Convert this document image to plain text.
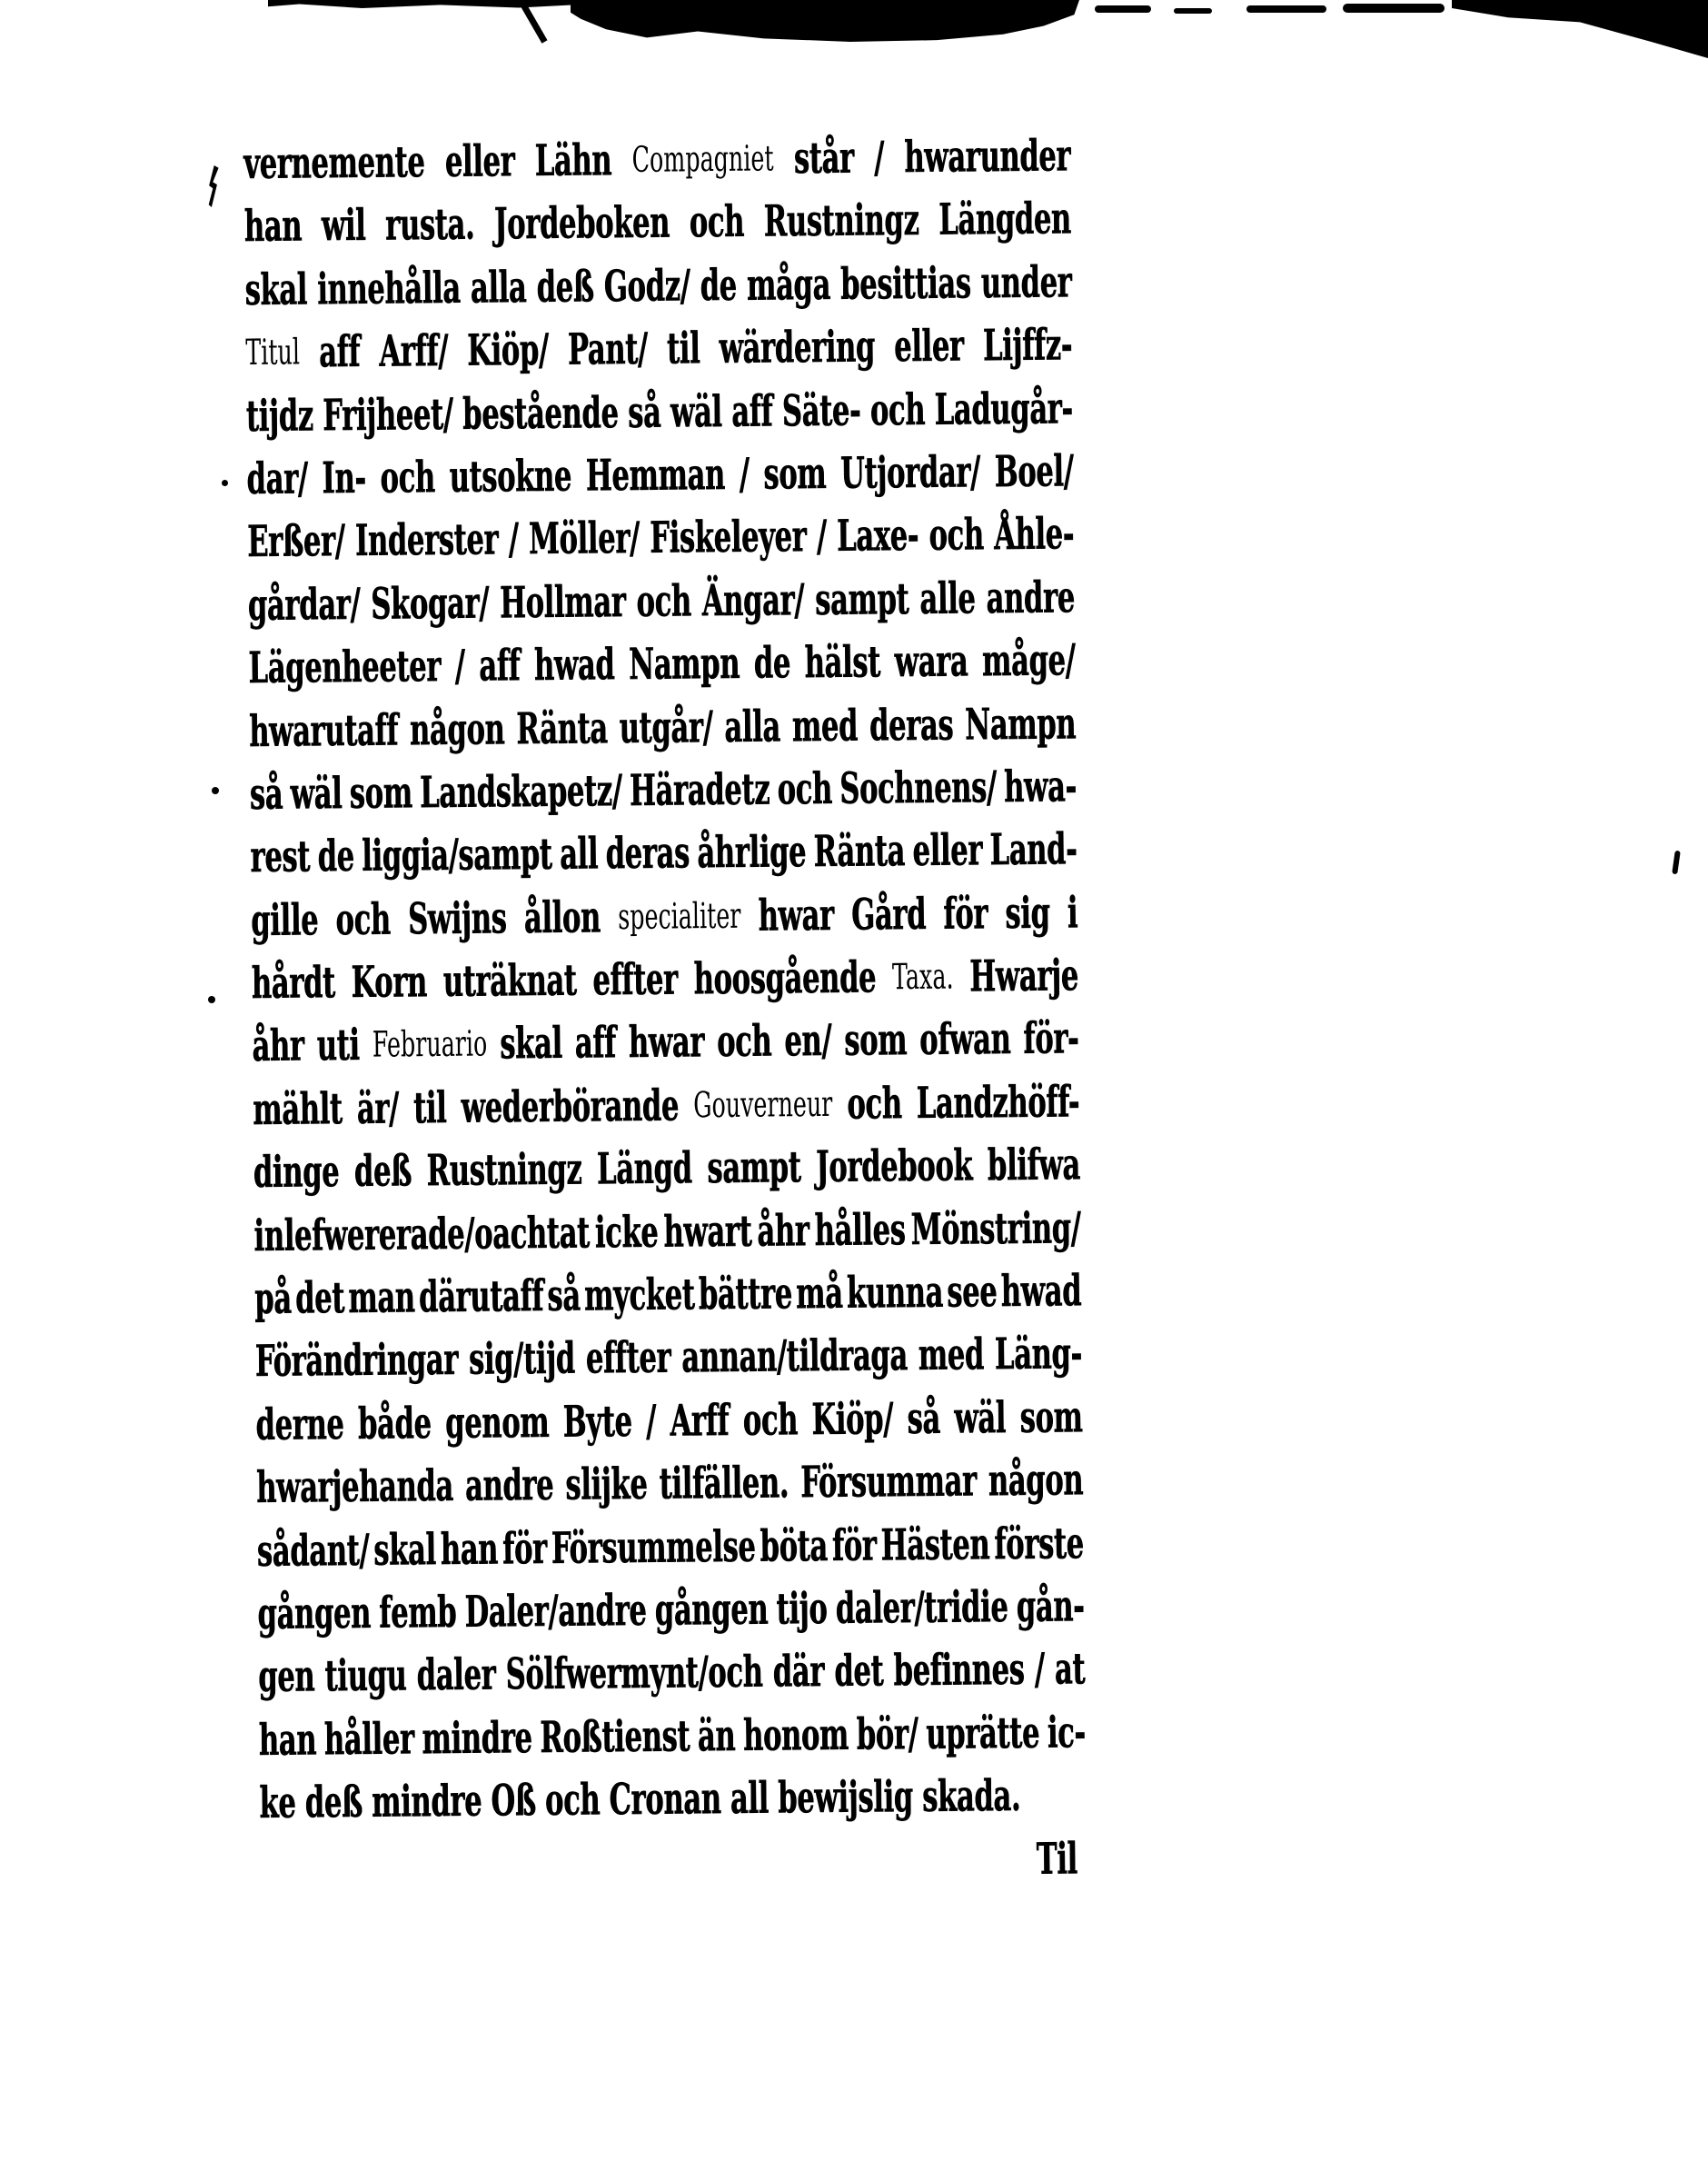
vernemente eller Lähn Compagniet står / hwarunder
han wil rusta. Jordeboken och Rustningz Längden
skal innehålla alla deß Godz/ de måga besittias under
Titul aff Arff/ Kiöp/ Pant/ til wärdering eller Lijffz-
tijdz Frijheet/ bestående så wäl aff Säte- och Ladugår-
dar/ In- och utsokne Hemman / som Utjordar/ Boel/
Erßer/ Inderster / Möller/ Fiskeleyer / Laxe- och Åhle-
gårdar/ Skogar/ Hollmar och Ängar/ sampt alle andre
Lägenheeter / aff hwad Nampn de hälst wara måge/
hwarutaff någon Ränta utgår/ alla med deras Nampn
så wäl som Landskapetz/ Häradetz och Sochnens/ hwa-
rest de liggia/sampt all deras åhrlige Ränta eller Land-
gille och Swijns ållon specialiter hwar Gård för sig i
hårdt Korn uträknat effter hoosgående Taxa. Hwarje
åhr uti Februario skal aff hwar och en/ som ofwan för-
mählt är/ til wederbörande Gouverneur och Landzhöff-
dinge deß Rustningz Längd sampt Jordebook blifwa
inlefwererade/oachtat icke hwart åhr hålles Mönstring/
på det man därutaff så mycket bättre må kunna see hwad
Förändringar sig/tijd effter annan/tildraga med Läng-
derne både genom Byte / Arff och Kiöp/ så wäl som
hwarjehanda andre slijke tilfällen. Försummar någon
sådant/ skal han för Försummelse böta för Hästen förste
gången femb Daler/andre gången tijo daler/tridie gån-
gen tiugu daler Sölfwermynt/och där det befinnes / at
han håller mindre Roßtienst än honom bör/ uprätte ic-
ke deß mindre Oß och Cronan all bewijslig skada.
Til
